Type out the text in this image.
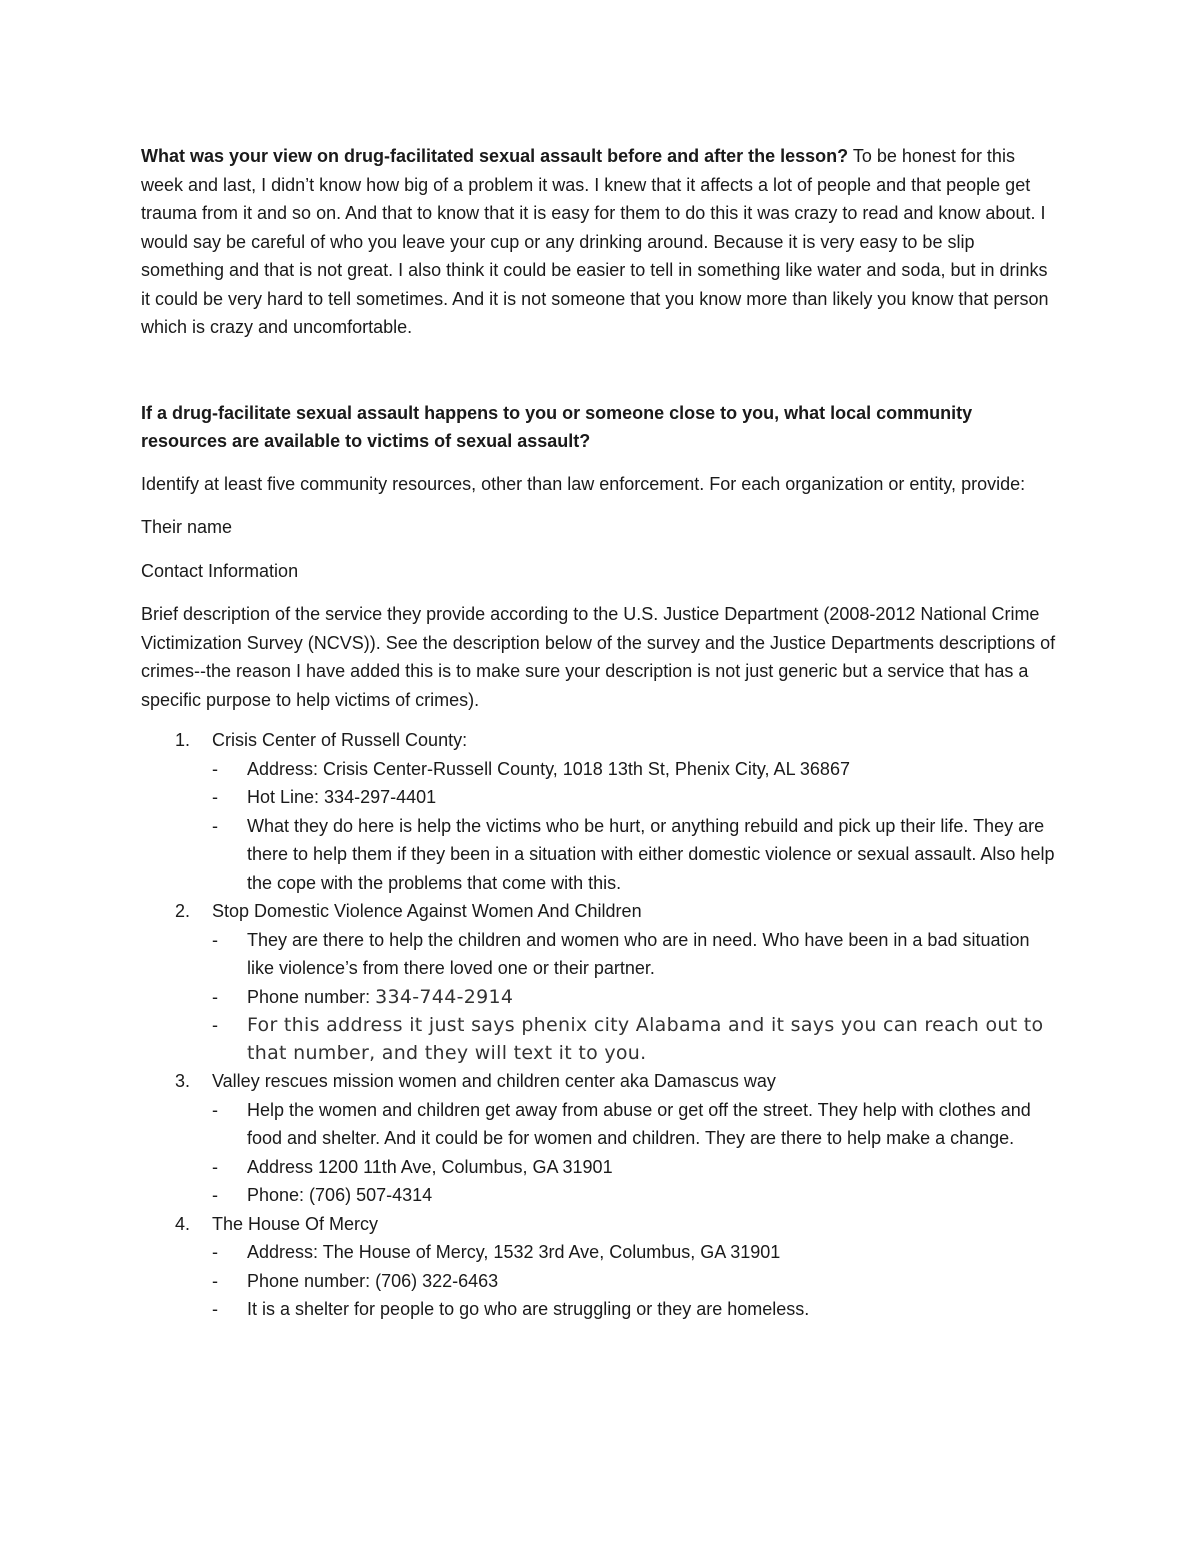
What was your view on drug-facilitated sexual assault before and after the lesson? To be honest for this week and last, I didn’t know how big of a problem it was. I knew that it affects a lot of people and that people get trauma from it and so on. And that to know that it is easy for them to do this it was crazy to read and know about. I would say be careful of who you leave your cup or any drinking around. Because it is very easy to be slip something and that is not great. I also think it could be easier to tell in something like water and soda, but in drinks it could be very hard to tell sometimes. And it is not someone that you know more than likely you know that person which is crazy and uncomfortable.

If a drug-facilitate sexual assault happens to you or someone close to you, what local community resources are available to victims of sexual assault?

Identify at least five community resources, other than law enforcement. For each organization or entity, provide:

Their name

Contact Information

Brief description of the service they provide according to the U.S. Justice Department (2008-2012 National Crime Victimization Survey (NCVS)). See the description below of the survey and the Justice Departments descriptions of crimes--the reason I have added this is to make sure your description is not just generic but a service that has a specific purpose to help victims of crimes).

1. Crisis Center of Russell County:
- Address: Crisis Center-Russell County, 1018 13th St, Phenix City, AL 36867
- Hot Line: 334-297-4401
- What they do here is help the victims who be hurt, or anything rebuild and pick up their life. They are there to help them if they been in a situation with either domestic violence or sexual assault. Also help the cope with the problems that come with this.
2. Stop Domestic Violence Against Women And Children
- They are there to help the children and women who are in need. Who have been in a bad situation like violence’s from there loved one or their partner.
- Phone number: 334-744-2914
- For this address it just says phenix city Alabama and it says you can reach out to that number, and they will text it to you.
3. Valley rescues mission women and children center aka Damascus way
- Help the women and children get away from abuse or get off the street. They help with clothes and food and shelter. And it could be for women and children. They are there to help make a change.
- Address 1200 11th Ave, Columbus, GA 31901
- Phone: (706) 507-4314
4. The House Of Mercy
- Address: The House of Mercy, 1532 3rd Ave, Columbus, GA 31901
- Phone number: (706) 322-6463
- It is a shelter for people to go who are struggling or they are homeless.
